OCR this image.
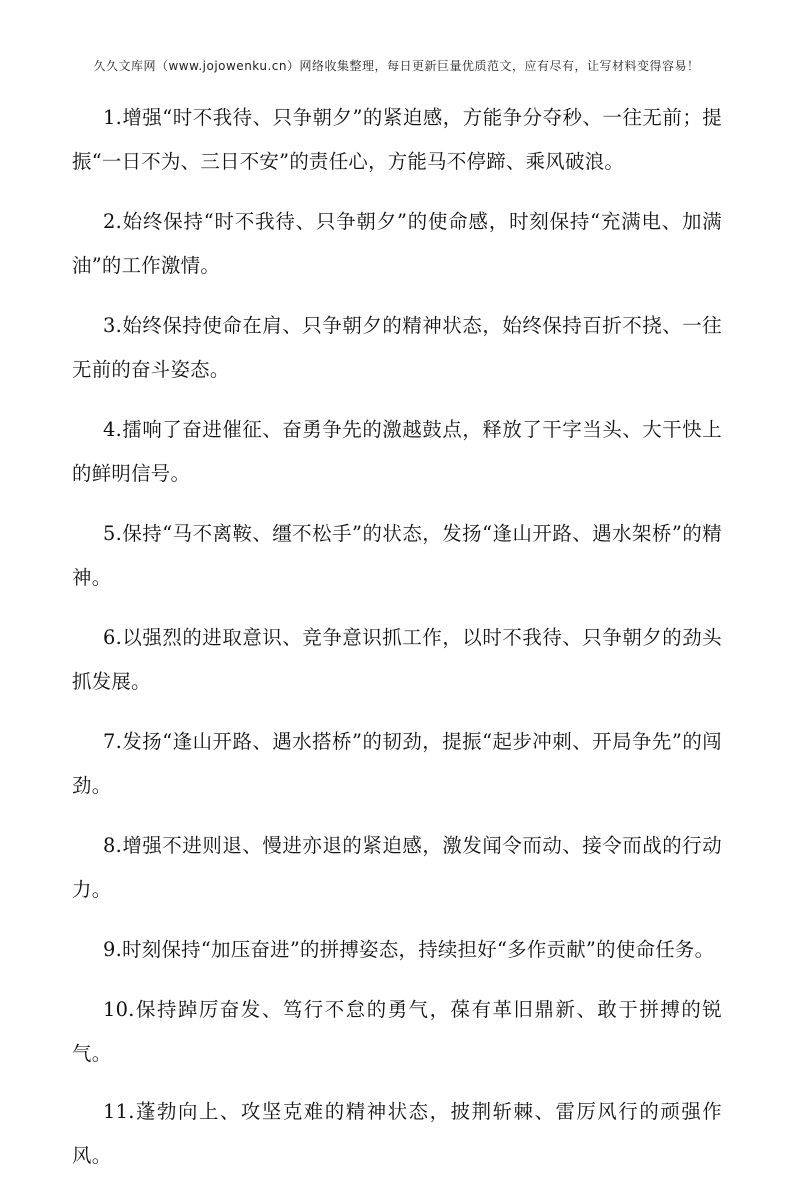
久久文库网（www.jojowenku.cn）网络收集整理，每日更新巨量优质范文，应有尽有，让写材料变得容易！

1.增强“时不我待、只争朝夕”的紧迫感，方能争分夺秒、一往无前；提振“一日不为、三日不安”的责任心，方能马不停蹄、乘风破浪。

2.始终保持“时不我待、只争朝夕”的使命感，时刻保持“充满电、加满油”的工作激情。

3.始终保持使命在肩、只争朝夕的精神状态，始终保持百折不挠、一往无前的奋斗姿态。

4.擂响了奋进催征、奋勇争先的激越鼓点，释放了干字当头、大干快上的鲜明信号。

5.保持“马不离鞍、缰不松手”的状态，发扬“逢山开路、遇水架桥”的精神。

6.以强烈的进取意识、竞争意识抓工作，以时不我待、只争朝夕的劲头抓发展。

7.发扬“逢山开路、遇水搭桥”的韧劲，提振“起步冲刺、开局争先”的闯劲。

8.增强不进则退、慢进亦退的紧迫感，激发闻令而动、接令而战的行动力。

9.时刻保持“加压奋进”的拼搏姿态，持续担好“多作贡献”的使命任务。

10.保持踔厉奋发、笃行不怠的勇气，葆有革旧鼎新、敢于拼搏的锐气。

11.蓬勃向上、攻坚克难的精神状态，披荆斩棘、雷厉风行的顽强作风。
